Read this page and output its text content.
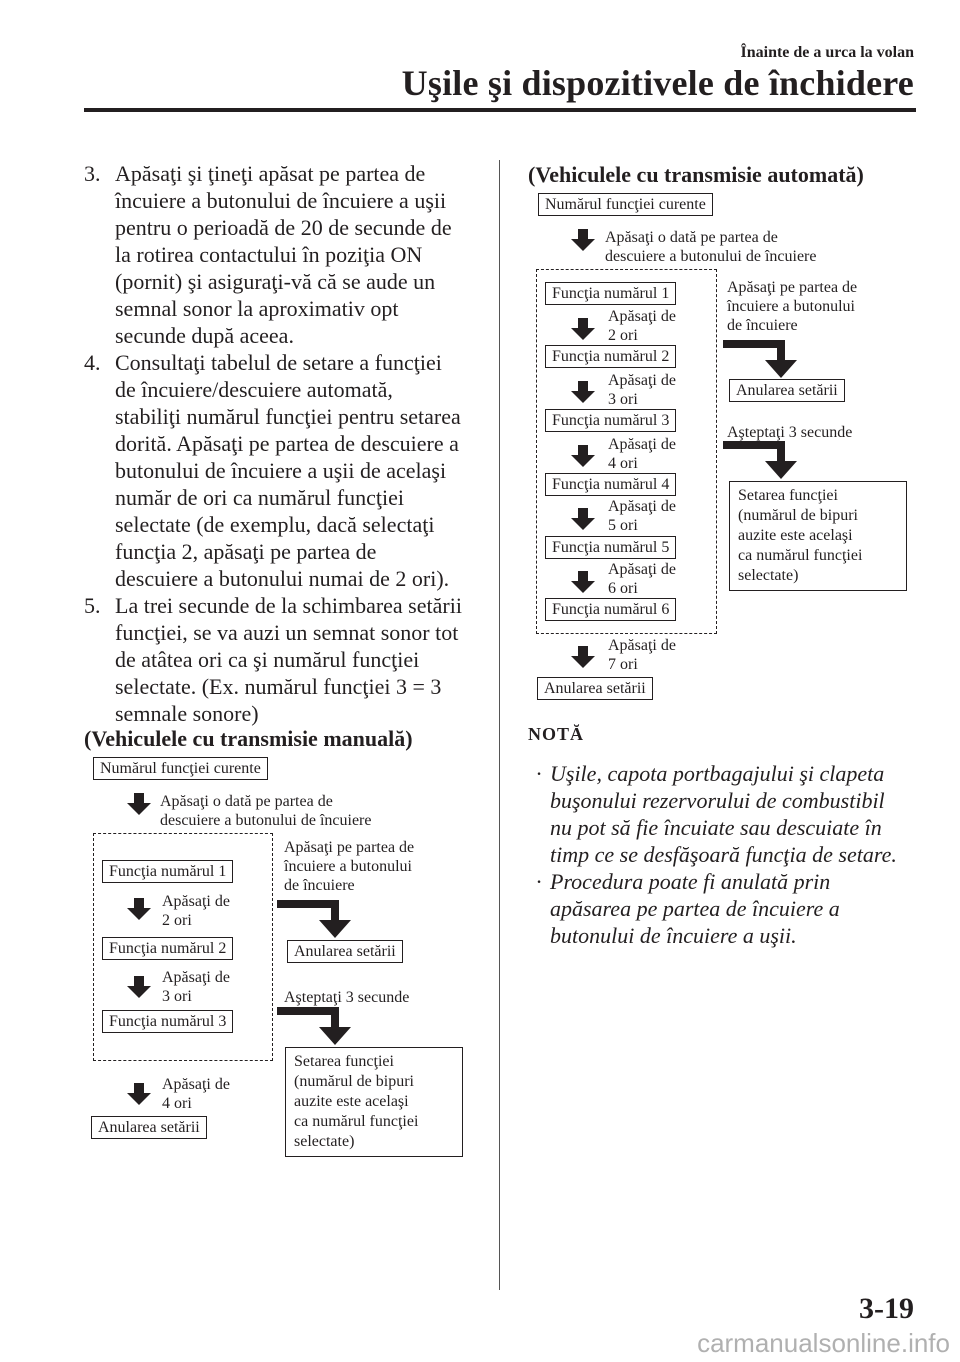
Înainte de a urca la volan
Uşile şi dispozitivele de închidere
3. Apăsaţi şi ţineţi apăsat pe partea de
încuiere a butonului de încuiere a uşii
pentru o perioadă de 20 de secunde de
la rotirea contactului în poziţia ON
(pornit) şi asiguraţi-vă că se aude un
semnal sonor la aproximativ opt
secunde după aceea.
4. Consultaţi tabelul de setare a funcţiei
de încuiere/descuiere automată,
stabiliţi numărul funcţiei pentru setarea
dorită. Apăsaţi pe partea de descuiere a
butonului de încuiere a uşii de acelaşi
număr de ori ca numărul funcţiei
selectate (de exemplu, dacă selectaţi
funcţia 2, apăsaţi pe partea de
descuiere a butonului numai de 2 ori).
5. La trei secunde de la schimbarea setării
funcţiei, se va auzi un semnat sonor tot
de atâtea ori ca şi numărul funcţiei
selectate. (Ex. numărul funcţiei 3 = 3
semnale sonore)
(Vehiculele cu transmisie manuală)
Numărul funcţiei curente
Apăsaţi o dată pe partea de
descuiere a butonului de încuiere
Funcţia numărul 1
Apăsaţi de
2 ori
Funcţia numărul 2
Apăsaţi de
3 ori
Funcţia numărul 3
Apăsaţi de
4 ori
Anularea setării
Apăsaţi pe partea de
încuiere a butonului
de încuiere
Anularea setării
Aşteptaţi 3 secunde
Setarea funcţiei
(numărul de bipuri
auzite este acelaşi
ca numărul funcţiei
selectate)
(Vehiculele cu transmisie automată)
Numărul funcţiei curente
Apăsaţi o dată pe partea de
descuiere a butonului de încuiere
Funcţia numărul 1
Apăsaţi de
2 ori
Funcţia numărul 2
Apăsaţi de
3 ori
Funcţia numărul 3
Apăsaţi de
4 ori
Funcţia numărul 4
Apăsaţi de
5 ori
Funcţia numărul 5
Apăsaţi de
6 ori
Funcţia numărul 6
Apăsaţi de
7 ori
Anularea setării
Apăsaţi pe partea de
încuiere a butonului
de încuiere
Anularea setării
Aşteptaţi 3 secunde
Setarea funcţiei
(numărul de bipuri
auzite este acelaşi
ca numărul funcţiei
selectate)
NOTĂ
· Uşile, capota portbagajului şi clapeta
buşonului rezervorului de combustibil
nu pot să fie încuiate sau descuiate în
timp ce se desfăşoară funcţia de setare.
· Procedura poate fi anulată prin
apăsarea pe partea de încuiere a
butonului de încuiere a uşii.
3-19
carmanualsonline.info
